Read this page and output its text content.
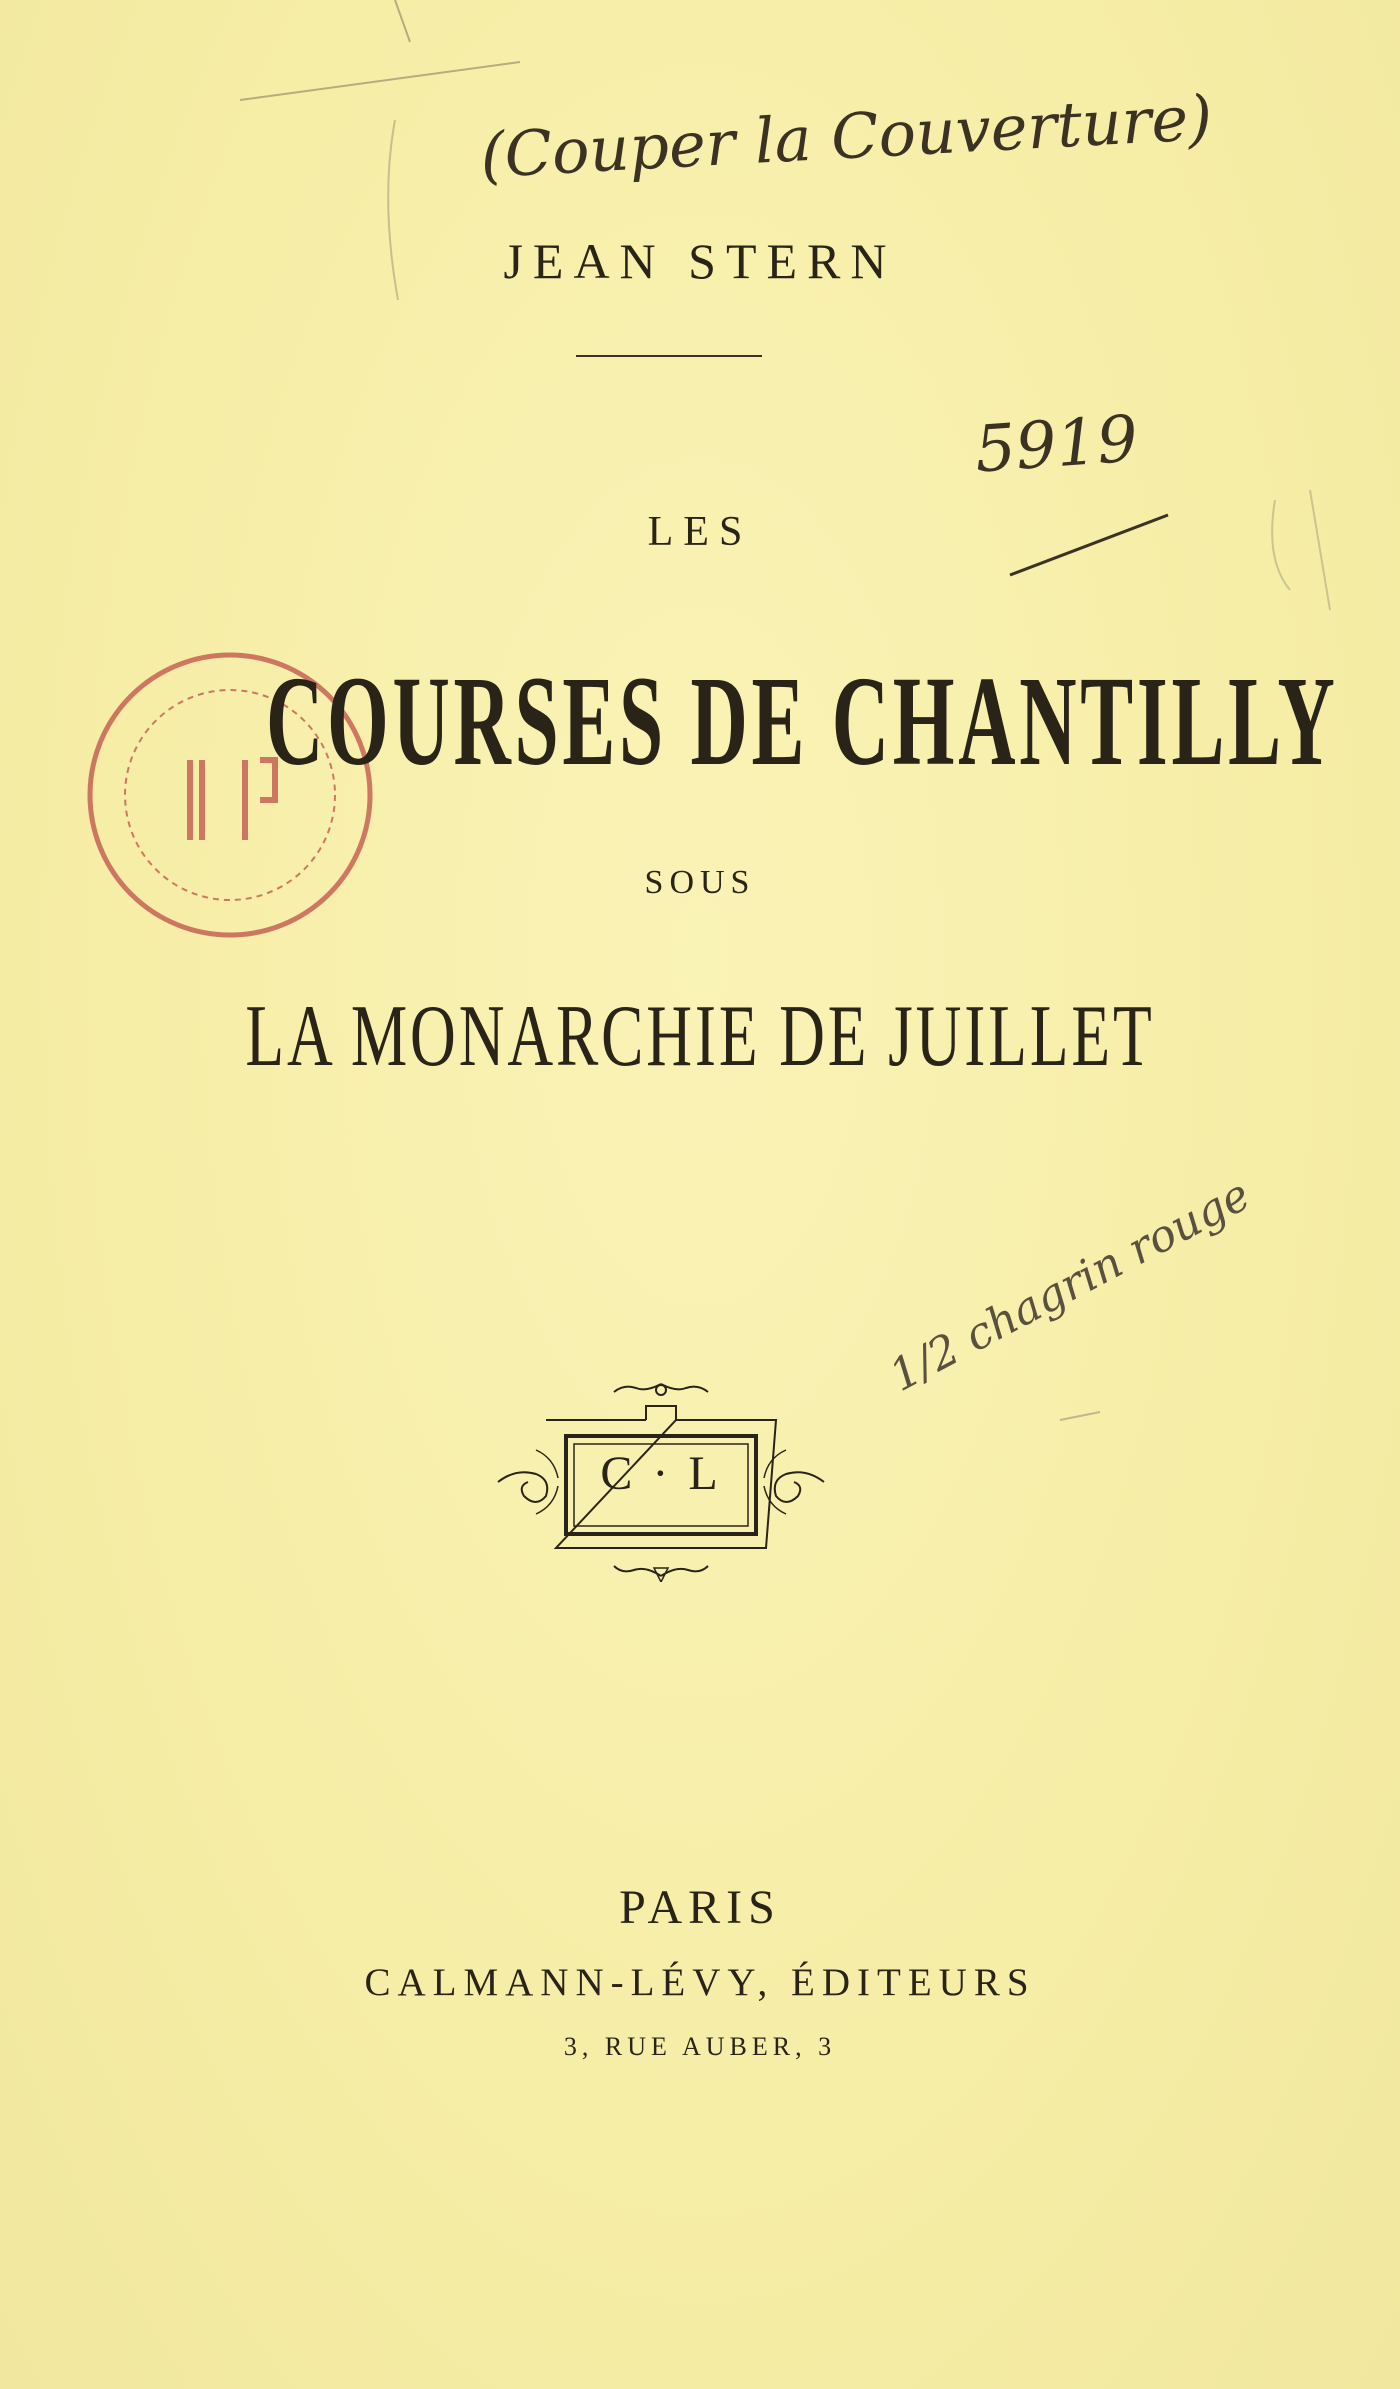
(Couper la Couverture)
JEAN STERN
5919
LES
COURSES DE CHANTILLY
SOUS
LA MONARCHIE DE JUILLET
1/2 chagrin rouge
C · L
PARIS
CALMANN-LÉVY, ÉDITEURS
3, RUE AUBER, 3
